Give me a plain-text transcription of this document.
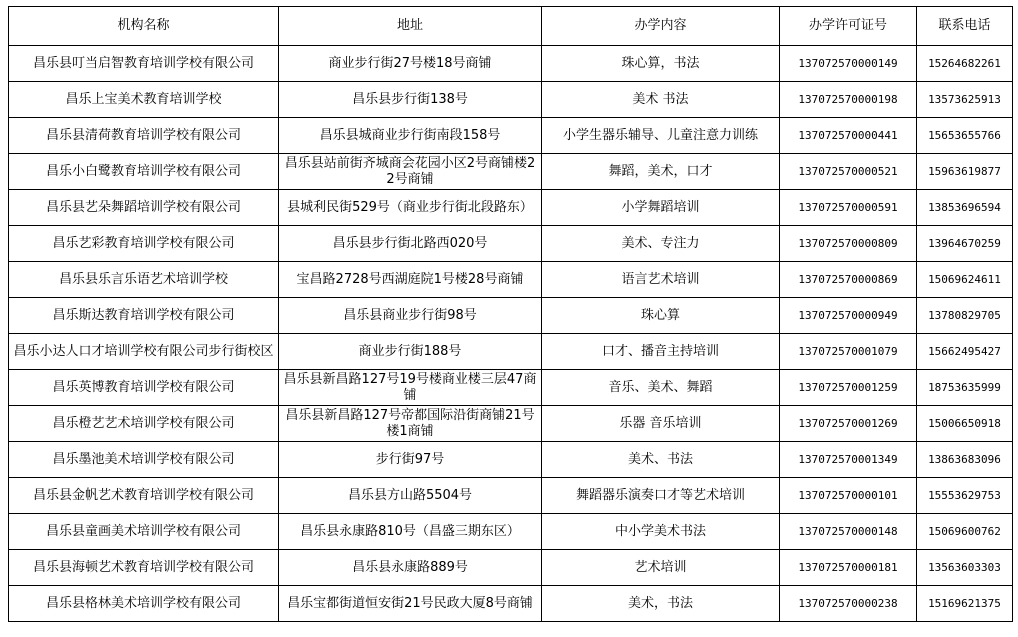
机构名称	地址	办学内容	办学许可证号	联系电话
昌乐县叮当启智教育培训学校有限公司	商业步行街27号楼18号商铺	珠心算，书法	137072570000149	15264682261
昌乐上宝美术教育培训学校	昌乐县步行街138号	美术 书法	137072570000198	13573625913
昌乐县清荷教育培训学校有限公司	昌乐县城商业步行街南段158号	小学生器乐辅导、儿童注意力训练	137072570000441	15653655766
昌乐小白鹭教育培训学校有限公司	昌乐县站前街齐城商会花园小区2号商铺楼22号商铺	舞蹈，美术，口才	137072570000521	15963619877
昌乐县艺朵舞蹈培训学校有限公司	县城利民街529号（商业步行街北段路东）	小学舞蹈培训	137072570000591	13853696594
昌乐艺彩教育培训学校有限公司	昌乐县步行街北路西020号	美术、专注力	137072570000809	13964670259
昌乐县乐言乐语艺术培训学校	宝昌路2728号西湖庭院1号楼28号商铺	语言艺术培训	137072570000869	15069624611
昌乐斯达教育培训学校有限公司	昌乐县商业步行街98号	珠心算	137072570000949	13780829705
昌乐小达人口才培训学校有限公司步行街校区	商业步行街188号	口才、播音主持培训	137072570001079	15662495427
昌乐英博教育培训学校有限公司	昌乐县新昌路127号19号楼商业楼三层47商铺	音乐、美术、舞蹈	137072570001259	18753635999
昌乐橙艺艺术培训学校有限公司	昌乐县新昌路127号帝都国际沿街商铺21号楼1商铺	乐器 音乐培训	137072570001269	15006650918
昌乐墨池美术培训学校有限公司	步行街97号	美术、书法	137072570001349	13863683096
昌乐县金帆艺术教育培训学校有限公司	昌乐县方山路5504号	舞蹈器乐演奏口才等艺术培训	137072570000101	15553629753
昌乐县童画美术培训学校有限公司	昌乐县永康路810号（昌盛三期东区）	中小学美术书法	137072570000148	15069600762
昌乐县海顿艺术教育培训学校有限公司	昌乐县永康路889号	艺术培训	137072570000181	13563603303
昌乐县格林美术培训学校有限公司	昌乐宝都街道恒安街21号民政大厦8号商铺	美术，书法	137072570000238	15169621375
